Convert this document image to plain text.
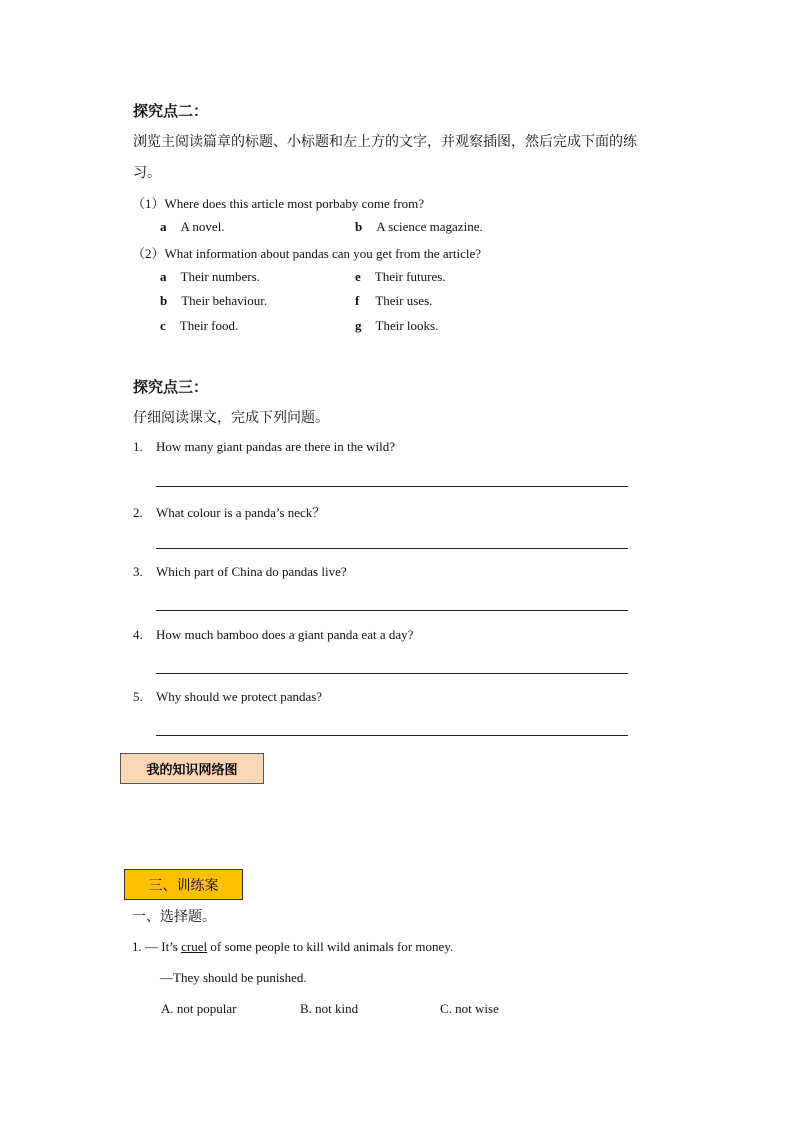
探究点二：
浏览主阅读篇章的标题、小标题和左上方的文字，并观察插图，然后完成下面的练
习。
（1）Where does this article most porbaby come from?
a A novel.	b A science magazine.
（2）What information about pandas can you get from the article?
a Their numbers.	e Their futures.
b Their behaviour.	f Their uses.
c Their food.	g Their looks.
探究点三：
仔细阅读课文，完成下列问题。
1. How many giant pandas are there in the wild?
2. What colour is a panda’s neck？
3. Which part of China do pandas live?
4. How much bamboo does a giant panda eat a day?
5. Why should we protect pandas?
我的知识网络图
三、训练案
一、选择题。
1. — It’s cruel of some people to kill wild animals for money.
—They should be punished.
A. not popular	B. not kind	C. not wise
